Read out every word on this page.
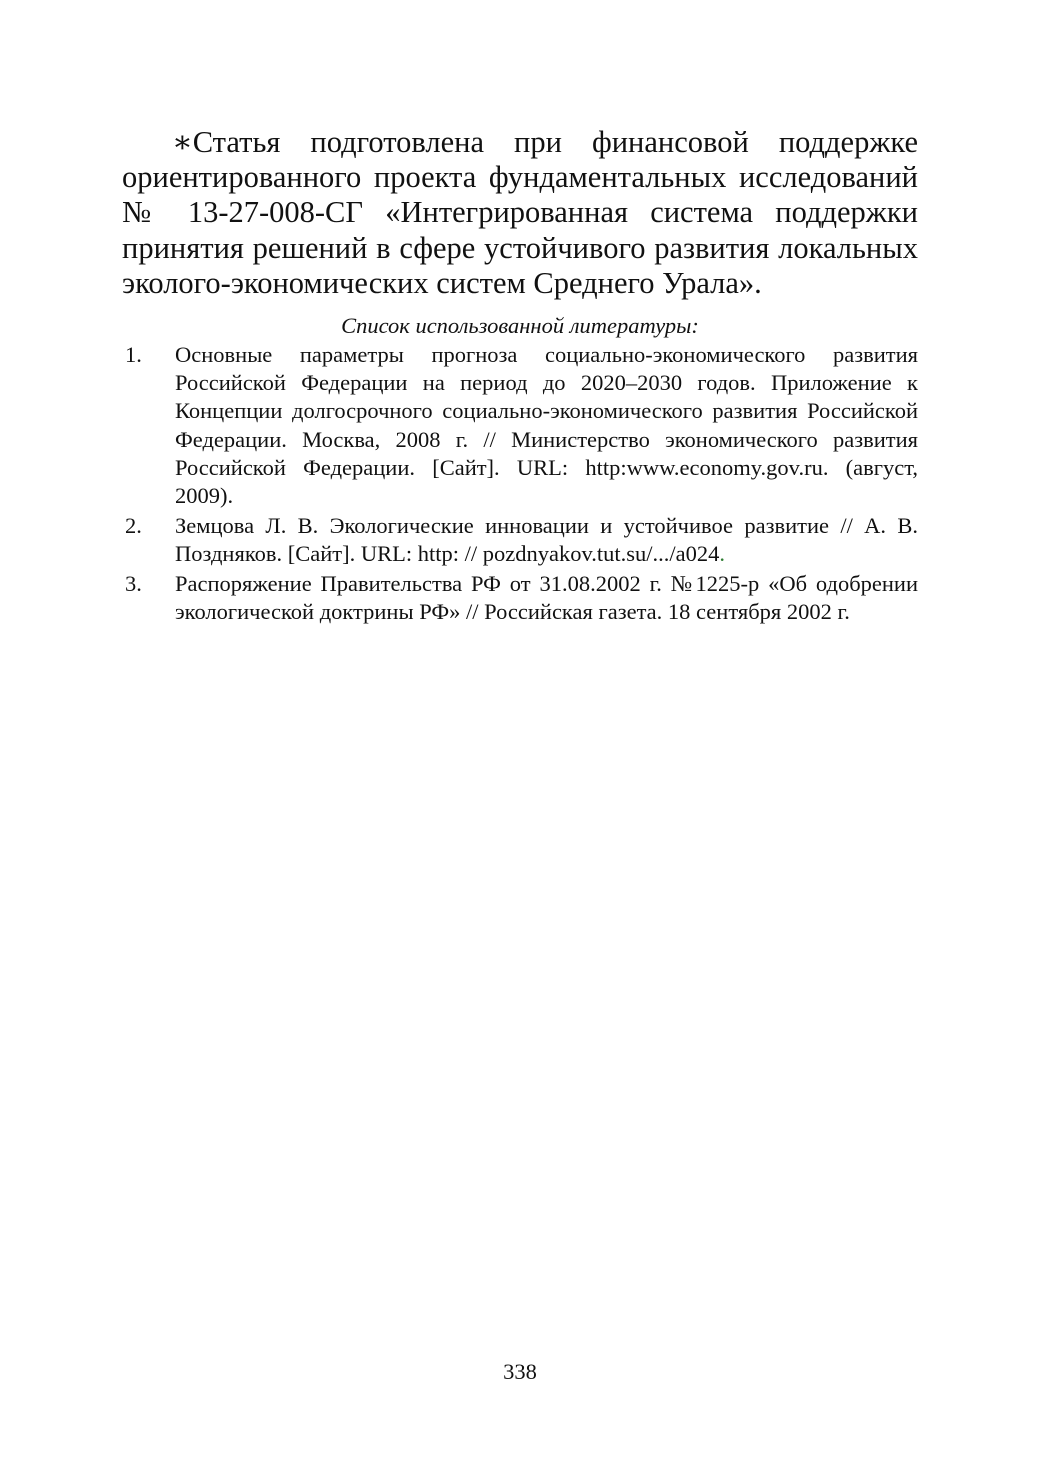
∗Статья подготовлена при финансовой поддержке ориентированного проекта фундаментальных исследований № 13-27-008-СГ «Интегрированная система поддержки принятия решений в сфере устойчивого развития локальных эколого-экономических систем Среднего Урала».

Список использованной литературы:

1. Основные параметры прогноза социально-экономического развития Российской Федерации на период до 2020–2030 годов. Приложение к Концепции долгосрочного социально-экономического развития Российской Федерации. Москва, 2008 г. // Министерство экономического развития Российской Федерации. [Сайт]. URL: http:www.economy.gov.ru. (август, 2009).
2. Земцова Л. В. Экологические инновации и устойчивое развитие // А. В. Поздняков. [Сайт]. URL: http: // pozdnyakov.tut.su/.../a024.
3. Распоряжение Правительства РФ от 31.08.2002 г. №1225-р «Об одобрении экологической доктрины РФ» // Российская газета. 18 сентября 2002 г.

338
